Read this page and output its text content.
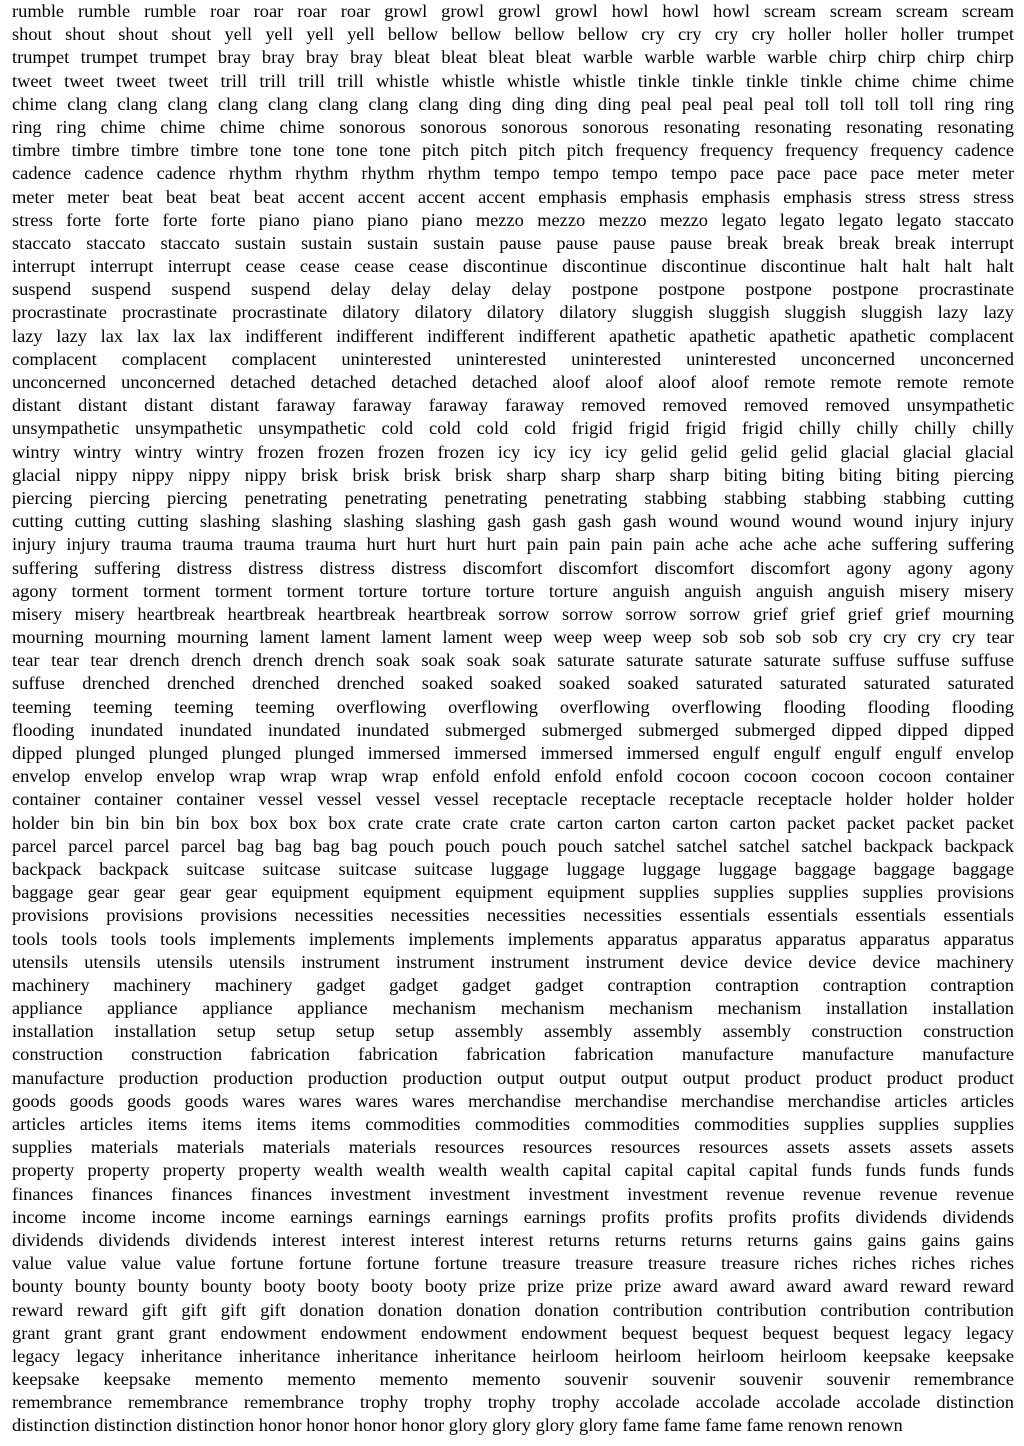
rumble rumble rumble roar roar roar roar growl growl growl growl howl howl howl scream scream scream scream
shout shout shout shout yell yell yell yell bellow bellow bellow bellow cry cry cry cry holler holler holler trumpet
trumpet trumpet trumpet bray bray bray bray bleat bleat bleat bleat warble warble warble warble chirp chirp chirp chirp
tweet tweet tweet tweet trill trill trill trill whistle whistle whistle whistle tinkle tinkle tinkle tinkle chime chime chime
chime clang clang clang clang clang clang clang clang ding ding ding ding peal peal peal peal toll toll toll toll ring ring
ring ring chime chime chime chime sonorous sonorous sonorous sonorous resonating resonating resonating resonating
timbre timbre timbre timbre tone tone tone tone pitch pitch pitch pitch frequency frequency frequency frequency cadence
cadence cadence cadence rhythm rhythm rhythm rhythm tempo tempo tempo tempo pace pace pace pace meter meter
meter meter beat beat beat beat accent accent accent accent emphasis emphasis emphasis emphasis stress stress stress
stress forte forte forte forte piano piano piano piano mezzo mezzo mezzo mezzo legato legato legato legato staccato
staccato staccato staccato sustain sustain sustain sustain pause pause pause pause break break break break interrupt
interrupt interrupt interrupt cease cease cease cease discontinue discontinue discontinue discontinue halt halt halt halt
suspend suspend suspend suspend delay delay delay delay postpone postpone postpone postpone procrastinate
procrastinate procrastinate procrastinate dilatory dilatory dilatory dilatory sluggish sluggish sluggish sluggish lazy lazy
lazy lazy lax lax lax lax indifferent indifferent indifferent indifferent apathetic apathetic apathetic apathetic complacent
complacent complacent complacent uninterested uninterested uninterested uninterested unconcerned unconcerned
unconcerned unconcerned detached detached detached detached aloof aloof aloof aloof remote remote remote remote
distant distant distant distant faraway faraway faraway faraway removed removed removed removed unsympathetic
unsympathetic unsympathetic unsympathetic cold cold cold cold frigid frigid frigid frigid chilly chilly chilly chilly
wintry wintry wintry wintry frozen frozen frozen frozen icy icy icy icy gelid gelid gelid gelid glacial glacial glacial
glacial nippy nippy nippy nippy brisk brisk brisk brisk sharp sharp sharp sharp biting biting biting biting piercing
piercing piercing piercing penetrating penetrating penetrating penetrating stabbing stabbing stabbing stabbing cutting
cutting cutting cutting slashing slashing slashing slashing gash gash gash gash wound wound wound wound injury injury
injury injury trauma trauma trauma trauma hurt hurt hurt hurt pain pain pain pain ache ache ache ache suffering suffering
suffering suffering distress distress distress distress discomfort discomfort discomfort discomfort agony agony agony
agony torment torment torment torment torture torture torture torture anguish anguish anguish anguish misery misery
misery misery heartbreak heartbreak heartbreak heartbreak sorrow sorrow sorrow sorrow grief grief grief grief mourning
mourning mourning mourning lament lament lament lament weep weep weep weep sob sob sob sob cry cry cry cry tear
tear tear tear drench drench drench drench soak soak soak soak saturate saturate saturate saturate suffuse suffuse suffuse
suffuse drenched drenched drenched drenched soaked soaked soaked soaked saturated saturated saturated saturated
teeming teeming teeming teeming overflowing overflowing overflowing overflowing flooding flooding flooding
flooding inundated inundated inundated inundated submerged submerged submerged submerged dipped dipped dipped
dipped plunged plunged plunged plunged immersed immersed immersed immersed engulf engulf engulf engulf envelop
envelop envelop envelop wrap wrap wrap wrap enfold enfold enfold enfold cocoon cocoon cocoon cocoon container
container container container vessel vessel vessel vessel receptacle receptacle receptacle receptacle holder holder holder
holder bin bin bin bin box box box box crate crate crate crate carton carton carton carton packet packet packet packet
parcel parcel parcel parcel bag bag bag bag pouch pouch pouch pouch satchel satchel satchel satchel backpack backpack
backpack backpack suitcase suitcase suitcase suitcase luggage luggage luggage luggage baggage baggage baggage
baggage gear gear gear gear equipment equipment equipment equipment supplies supplies supplies supplies provisions
provisions provisions provisions necessities necessities necessities necessities essentials essentials essentials essentials
tools tools tools tools implements implements implements implements apparatus apparatus apparatus apparatus apparatus
utensils utensils utensils utensils instrument instrument instrument instrument device device device device machinery
machinery machinery machinery gadget gadget gadget gadget contraption contraption contraption contraption
appliance appliance appliance appliance mechanism mechanism mechanism mechanism installation installation
installation installation setup setup setup setup assembly assembly assembly assembly construction construction
construction construction fabrication fabrication fabrication fabrication manufacture manufacture manufacture
manufacture production production production production output output output output product product product product
goods goods goods goods wares wares wares wares merchandise merchandise merchandise merchandise articles articles
articles articles items items items items commodities commodities commodities commodities supplies supplies supplies
supplies materials materials materials materials resources resources resources resources assets assets assets assets
property property property property wealth wealth wealth wealth capital capital capital capital funds funds funds funds
finances finances finances finances investment investment investment investment revenue revenue revenue revenue
income income income income earnings earnings earnings earnings profits profits profits profits dividends dividends
dividends dividends dividends interest interest interest interest returns returns returns returns gains gains gains gains
value value value value fortune fortune fortune fortune treasure treasure treasure treasure riches riches riches riches
bounty bounty bounty bounty booty booty booty booty prize prize prize prize award award award award reward reward
reward reward gift gift gift gift donation donation donation donation contribution contribution contribution contribution
grant grant grant grant endowment endowment endowment endowment bequest bequest bequest bequest legacy legacy
legacy legacy inheritance inheritance inheritance inheritance heirloom heirloom heirloom heirloom keepsake keepsake
keepsake keepsake memento memento memento memento souvenir souvenir souvenir souvenir remembrance
remembrance remembrance remembrance trophy trophy trophy trophy accolade accolade accolade accolade distinction
distinction distinction distinction honor honor honor honor glory glory glory glory fame fame fame fame renown renown
